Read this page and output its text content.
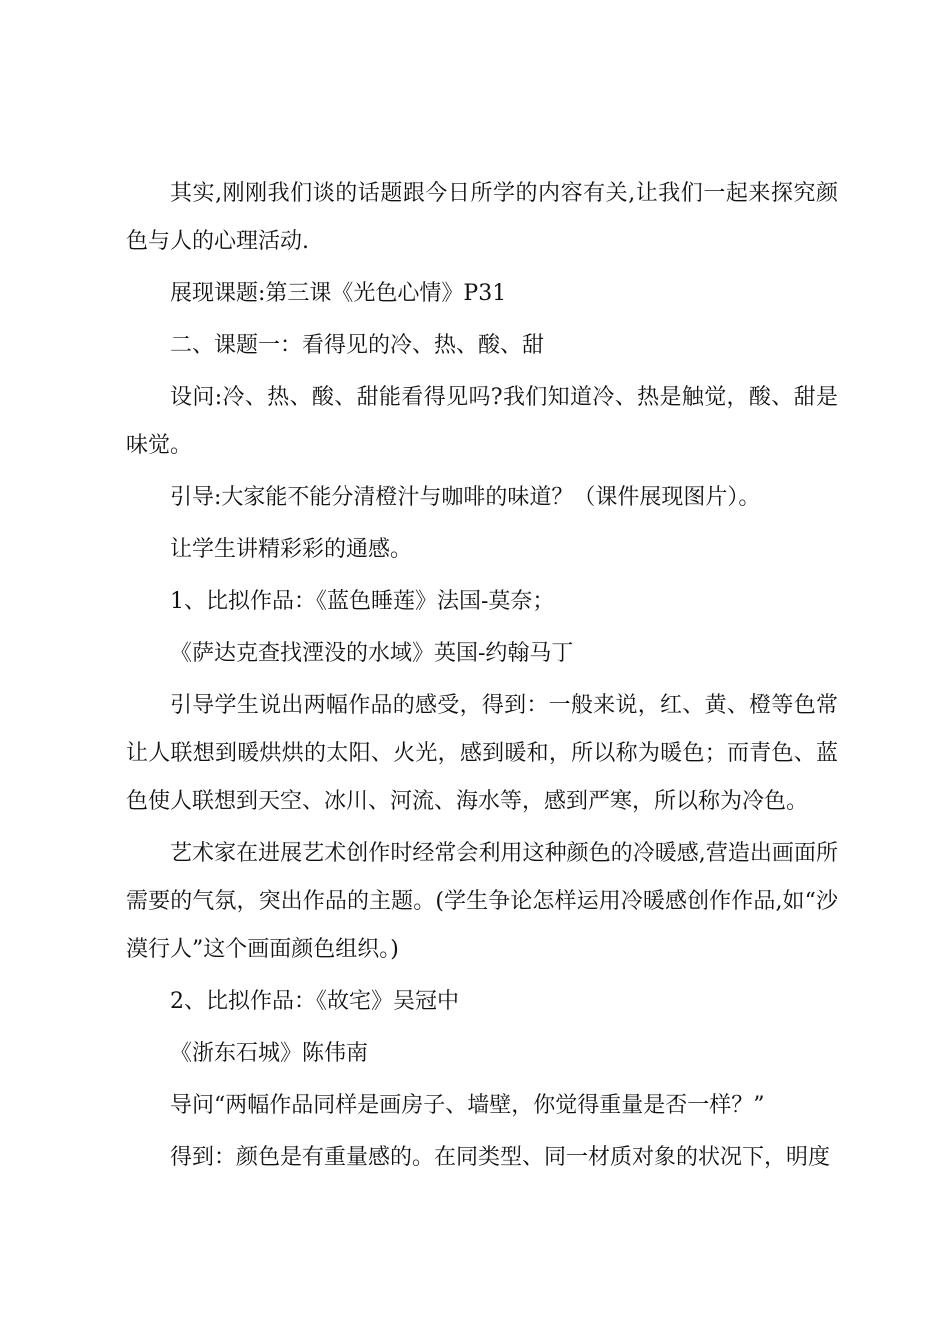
其实,刚刚我们谈的话题跟今日所学的内容有关,让我们一起来探究颜色与人的心理活动.

展现课题:第三课《光色心情》P31

二、课题一：看得见的冷、热、酸、甜

设问:冷、热、酸、甜能看得见吗?我们知道冷、热是触觉，酸、甜是味觉。

引导:大家能不能分清橙汁与咖啡的味道？（课件展现图片）。

让学生讲精彩彩的通感。

1、比拟作品：《蓝色睡莲》法国-莫奈；

《萨达克查找湮没的水域》英国-约翰马丁

引导学生说出两幅作品的感受，得到：一般来说，红、黄、橙等色常让人联想到暖烘烘的太阳、火光，感到暖和，所以称为暖色；而青色、蓝色使人联想到天空、冰川、河流、海水等，感到严寒，所以称为冷色。

艺术家在进展艺术创作时经常会利用这种颜色的冷暖感,营造出画面所需要的气氛，突出作品的主题。(学生争论怎样运用冷暖感创作作品,如“沙漠行人”这个画面颜色组织。)

2、比拟作品：《故宅》吴冠中

《浙东石城》陈伟南

导问“两幅作品同样是画房子、墙壁，你觉得重量是否一样？”

得到：颜色是有重量感的。在同类型、同一材质对象的状况下，明度
